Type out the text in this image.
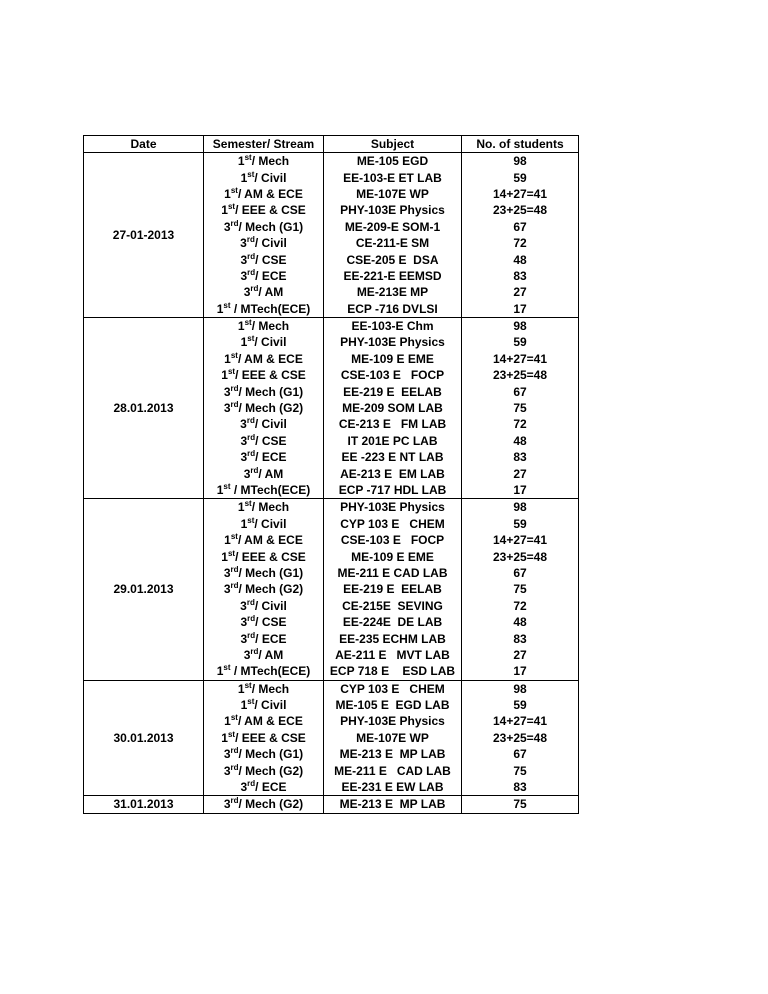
Date	Semester/ Stream	Subject	No. of students
27-01-2013	1st/ Mech	ME-105 EGD	98
	1st/ Civil	EE-103-E ET LAB	59
	1st/ AM & ECE	ME-107E WP	14+27=41
	1st/ EEE & CSE	PHY-103E Physics	23+25=48
	3rd/ Mech (G1)	ME-209-E SOM-1	67
	3rd/ Civil	CE-211-E SM	72
	3rd/ CSE	CSE-205 E  DSA	48
	3rd/ ECE	EE-221-E EEMSD	83
	3rd/ AM	ME-213E MP	27
	1st / MTech(ECE)	ECP -716 DVLSI	17
28.01.2013	1st/ Mech	EE-103-E Chm	98
	1st/ Civil	PHY-103E Physics	59
	1st/ AM & ECE	ME-109 E EME	14+27=41
	1st/ EEE & CSE	CSE-103 E   FOCP	23+25=48
	3rd/ Mech (G1)	EE-219 E  EELAB	67
	3rd/ Mech (G2)	ME-209 SOM LAB	75
	3rd/ Civil	CE-213 E   FM LAB	72
	3rd/ CSE	IT 201E PC LAB	48
	3rd/ ECE	EE -223 E NT LAB	83
	3rd/ AM	AE-213 E  EM LAB	27
	1st / MTech(ECE)	ECP -717 HDL LAB	17
29.01.2013	1st/ Mech	PHY-103E Physics	98
	1st/ Civil	CYP 103 E   CHEM	59
	1st/ AM & ECE	CSE-103 E   FOCP	14+27=41
	1st/ EEE & CSE	ME-109 E EME	23+25=48
	3rd/ Mech (G1)	ME-211 E CAD LAB	67
	3rd/ Mech (G2)	EE-219 E  EELAB	75
	3rd/ Civil	CE-215E  SEVING	72
	3rd/ CSE	EE-224E  DE LAB	48
	3rd/ ECE	EE-235 ECHM LAB	83
	3rd/ AM	AE-211 E   MVT LAB	27
	1st / MTech(ECE)	ECP 718 E    ESD LAB	17
30.01.2013	1st/ Mech	CYP 103 E   CHEM	98
	1st/ Civil	ME-105 E  EGD LAB	59
	1st/ AM & ECE	PHY-103E Physics	14+27=41
	1st/ EEE & CSE	ME-107E WP	23+25=48
	3rd/ Mech (G1)	ME-213 E  MP LAB	67
	3rd/ Mech (G2)	ME-211 E   CAD LAB	75
	3rd/ ECE	EE-231 E EW LAB	83
31.01.2013	3rd/ Mech (G2)	ME-213 E  MP LAB	75
